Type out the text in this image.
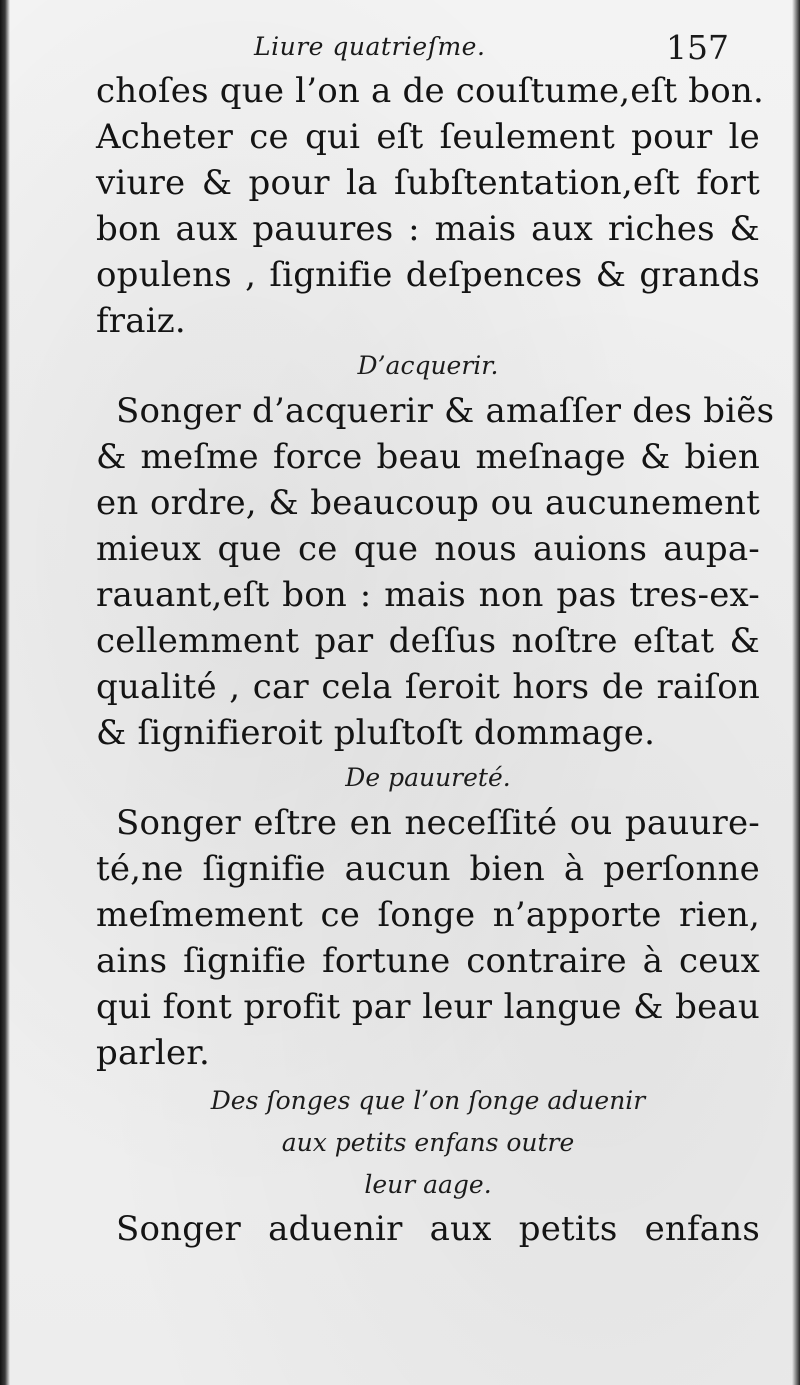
Liure quatrieſme.	157
choſes que l’on a de couſtume,eſt bon.
Acheter ce qui eſt ſeulement pour le
viure & pour la ſubſtentation,eſt fort
bon aux pauures : mais aux riches &
opulens , ſignifie deſpences & grands
fraiz.
D’acquerir.
Songer d’acquerir & amaſſer des biẽs
& meſme force beau meſnage & bien
en ordre, & beaucoup ou aucunement
mieux que ce que nous auions aupa-
rauant,eſt bon : mais non pas tres-ex-
cellemment par deſſus noſtre eſtat &
qualité , car cela ſeroit hors de raiſon
& ſignifieroit pluſtoſt dommage.
De pauureté.
Songer eſtre en neceſſité ou pauure-
té,ne ſignifie aucun bien à perſonne
meſmement ce ſonge n’apporte rien,
ains ſignifie fortune contraire à ceux
qui font profit par leur langue & beau
parler.
Des ſonges que l’on ſonge aduenir
aux petits enfans outre
leur aage.
Songer aduenir aux petits enfans
